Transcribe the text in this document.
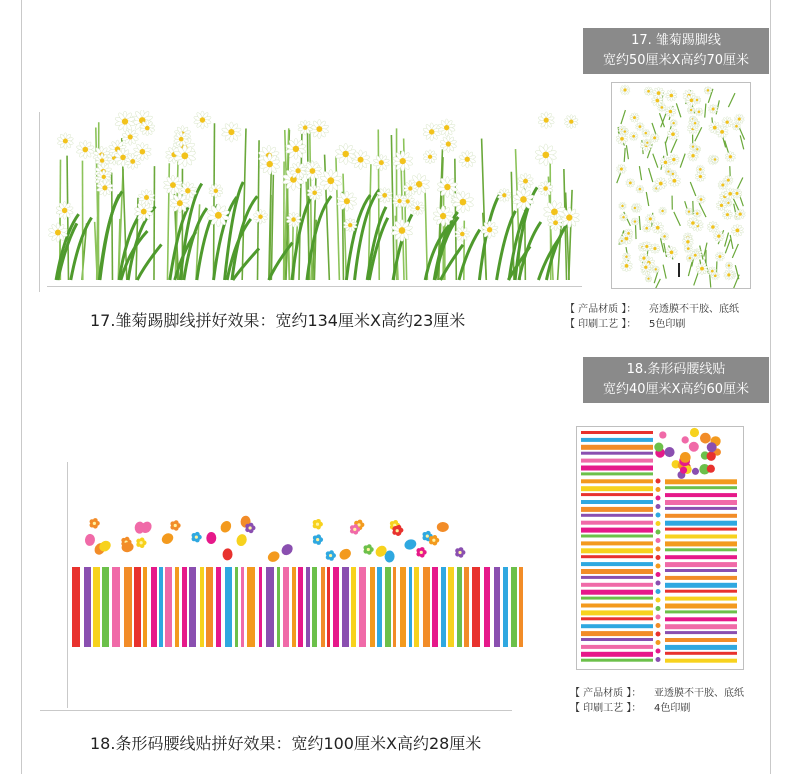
17. 雏菊踢脚线
宽约50厘米X高约70厘米
17.雏菊踢脚线拼好效果：宽约134厘米X高约23厘米
【 产品材质 】： 亮透膜不干胶、底纸
【 印刷工艺 】： 5色印刷
18.条形码腰线贴
宽约40厘米X高约60厘米
18.条形码腰线贴拼好效果：宽约100厘米X高约28厘米
【 产品材质 】： 亚透膜不干胶、底纸
【 印刷工艺 】： 4色印刷
